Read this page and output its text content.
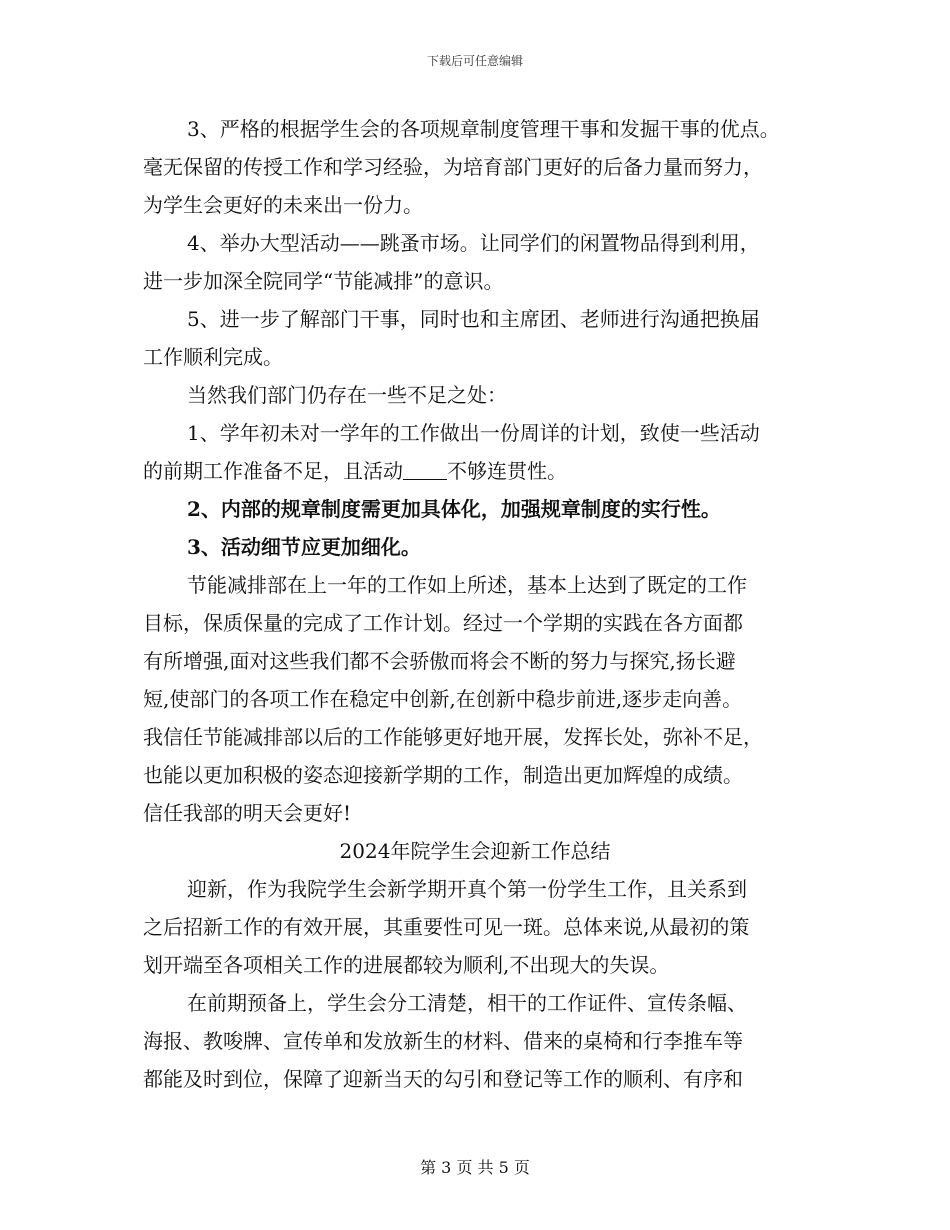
下载后可任意编辑
3、严格的根据学生会的各项规章制度管理干事和发掘干事的优点。
毫无保留的传授工作和学习经验，为培育部门更好的后备力量而努力，
为学生会更好的未来出一份力。
4、举办大型活动——跳蚤市场。让同学们的闲置物品得到利用，
进一步加深全院同学“节能减排”的意识。
5、进一步了解部门干事，同时也和主席团、老师进行沟通把换届
工作顺利完成。
当然我们部门仍存在一些不足之处：
1、学年初未对一学年的工作做出一份周详的计划，致使一些活动
的前期工作准备不足，且活动 不够连贯性。
2、内部的规章制度需更加具体化，加强规章制度的实行性。
3、活动细节应更加细化。
节能减排部在上一年的工作如上所述，基本上达到了既定的工作
目标，保质保量的完成了工作计划。经过一个学期的实践在各方面都
有所增强,面对这些我们都不会骄傲而将会不断的努力与探究,扬长避
短,使部门的各项工作在稳定中创新,在创新中稳步前进,逐步走向善。
我信任节能减排部以后的工作能够更好地开展，发挥长处，弥补不足，
也能以更加积极的姿态迎接新学期的工作，制造出更加辉煌的成绩。
信任我部的明天会更好!
2024年院学生会迎新工作总结
迎新，作为我院学生会新学期开真个第一份学生工作，且关系到
之后招新工作的有效开展，其重要性可见一斑。总体来说,从最初的策
划开端至各项相关工作的进展都较为顺利,不出现大的失误。
在前期预备上，学生会分工清楚，相干的工作证件、宣传条幅、
海报、教唆牌、宣传单和发放新生的材料、借来的桌椅和行李推车等
都能及时到位，保障了迎新当天的勾引和登记等工作的顺利、有序和
第 3 页 共 5 页
